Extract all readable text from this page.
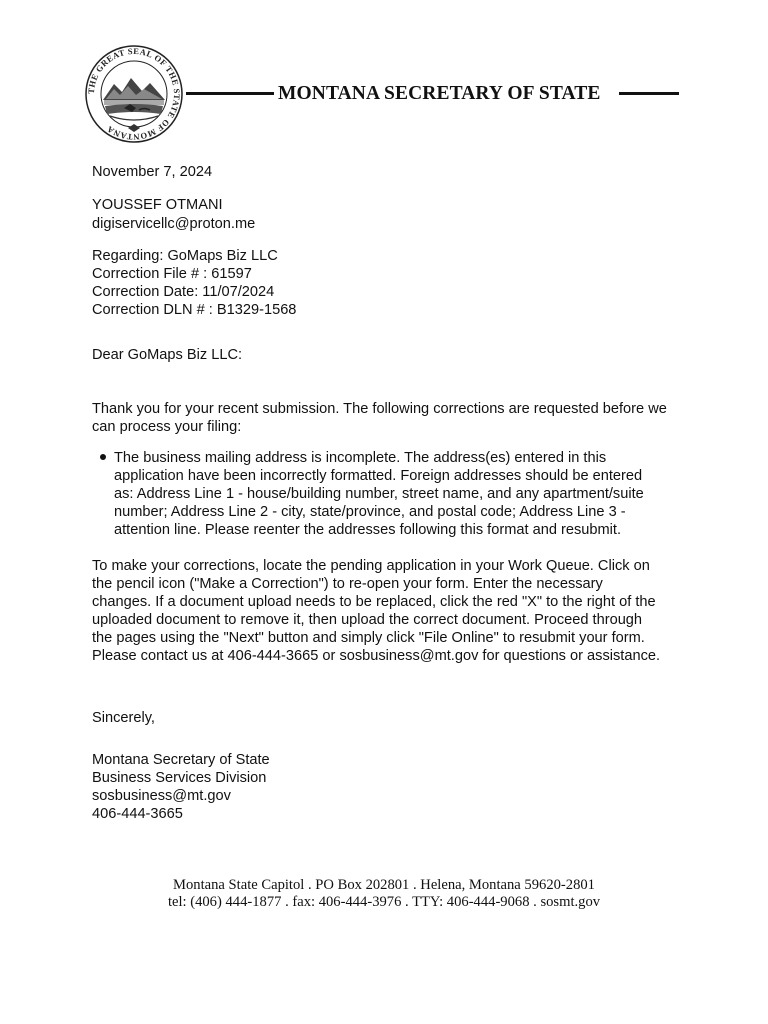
THE GREAT SEAL OF THE STATE OF MONTANA
MONTANA SECRETARY OF STATE
November 7, 2024
YOUSSEF OTMANI
digiservicellc@proton.me
Regarding: GoMaps Biz LLC
Correction File # : 61597
Correction Date: 11/07/2024
Correction DLN # : B1329-1568
Dear GoMaps Biz LLC:
Thank you for your recent submission. The following corrections are requested before we can process your filing:
The business mailing address is incomplete. The address(es) entered in this application have been incorrectly formatted. Foreign addresses should be entered as: Address Line 1 - house/building number, street name, and any apartment/suite number; Address Line 2 - city, state/province, and postal code; Address Line 3 - attention line. Please reenter the addresses following this format and resubmit.
To make your corrections, locate the pending application in your Work Queue. Click on the pencil icon ("Make a Correction") to re-open your form. Enter the necessary changes. If a document upload needs to be replaced, click the red "X" to the right of the uploaded document to remove it, then upload the correct document. Proceed through the pages using the "Next" button and simply click "File Online" to resubmit your form. Please contact us at 406-444-3665 or sosbusiness@mt.gov for questions or assistance.
Sincerely,
Montana Secretary of State
Business Services Division
sosbusiness@mt.gov
406-444-3665
Montana State Capitol . PO Box 202801 . Helena, Montana 59620-2801
tel: (406) 444-1877 . fax: 406-444-3976 . TTY: 406-444-9068 . sosmt.gov
